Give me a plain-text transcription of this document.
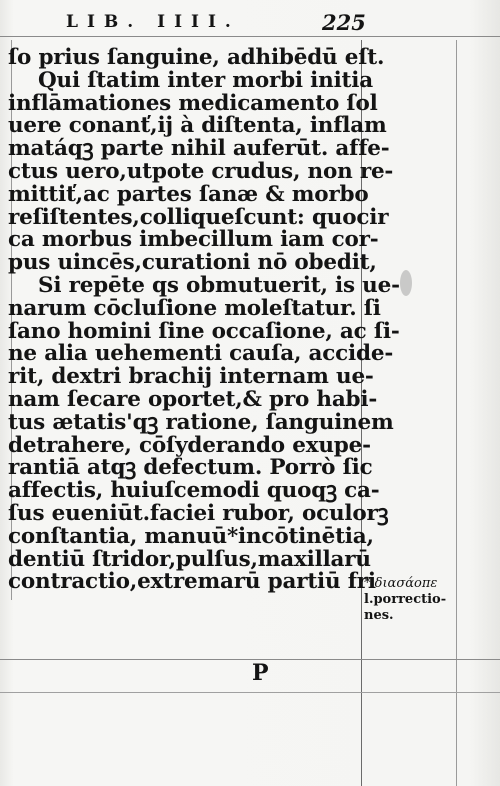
LIB. IIII.	225
ſo prius ſanguine, adhibēdū eſt.
Qui ſtatim inter morbi initia
inflāmationes medicamento ſol
uere conanť,ij à diſtenta, inflam
matáqꝫ parte nihil auferūt. affe-
ctus uero,utpote crudus, non re-
mittiť,ac partes ſanæ & morbo
reſiſtentes,colliqueſcunt: quocir
ca morbus imbecillum iam cor-
pus uincēs,curationi nō obedit,
Si repēte qs obmutuerit, is ue-
narum cōcluſione moleſtatur. ſi
ſano homini ſine occaſione, ac ſi-
ne alia uehementi cauſa, accide-
rit, dextri brachij internam ue-
nam ſecare oportet,& pro habi-
tus ætatis'qꝫ ratione, ſanguinem
detrahere, cōſyderando exupe-
rantiā atqꝫ defectum. Porrò ſic
affectis, huiuſcemodi quoqꝫ ca-
ſus eueniūt.faciei rubor, oculorꝫ
conſtantia, manuū*incōtinētia,
dentiū ſtridor,pulſus,maxillarū
contractio,extremarū partiū fri
* διασάοπε
l.porrectio-
nes.
P
